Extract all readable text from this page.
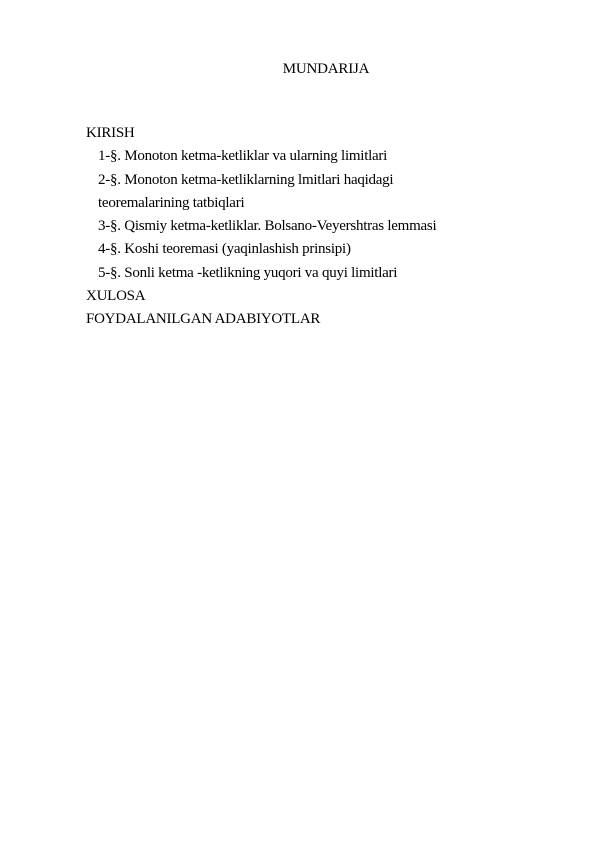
MUNDARIJA
KIRISH
1-§. Monoton ketma-ketliklar va ularning limitlari
2-§. Monoton ketma-ketliklarning lmitlari haqidagi
teoremalarining tatbiqlari
3-§. Qismiy ketma-ketliklar. Bolsano-Veyershtras lemmasi
4-§. Koshi teoremasi (yaqinlashish prinsipi)
5-§. Sonli ketma -ketlikning yuqori va quyi limitlari
XULOSA
FOYDALANILGAN ADABIYOTLAR
